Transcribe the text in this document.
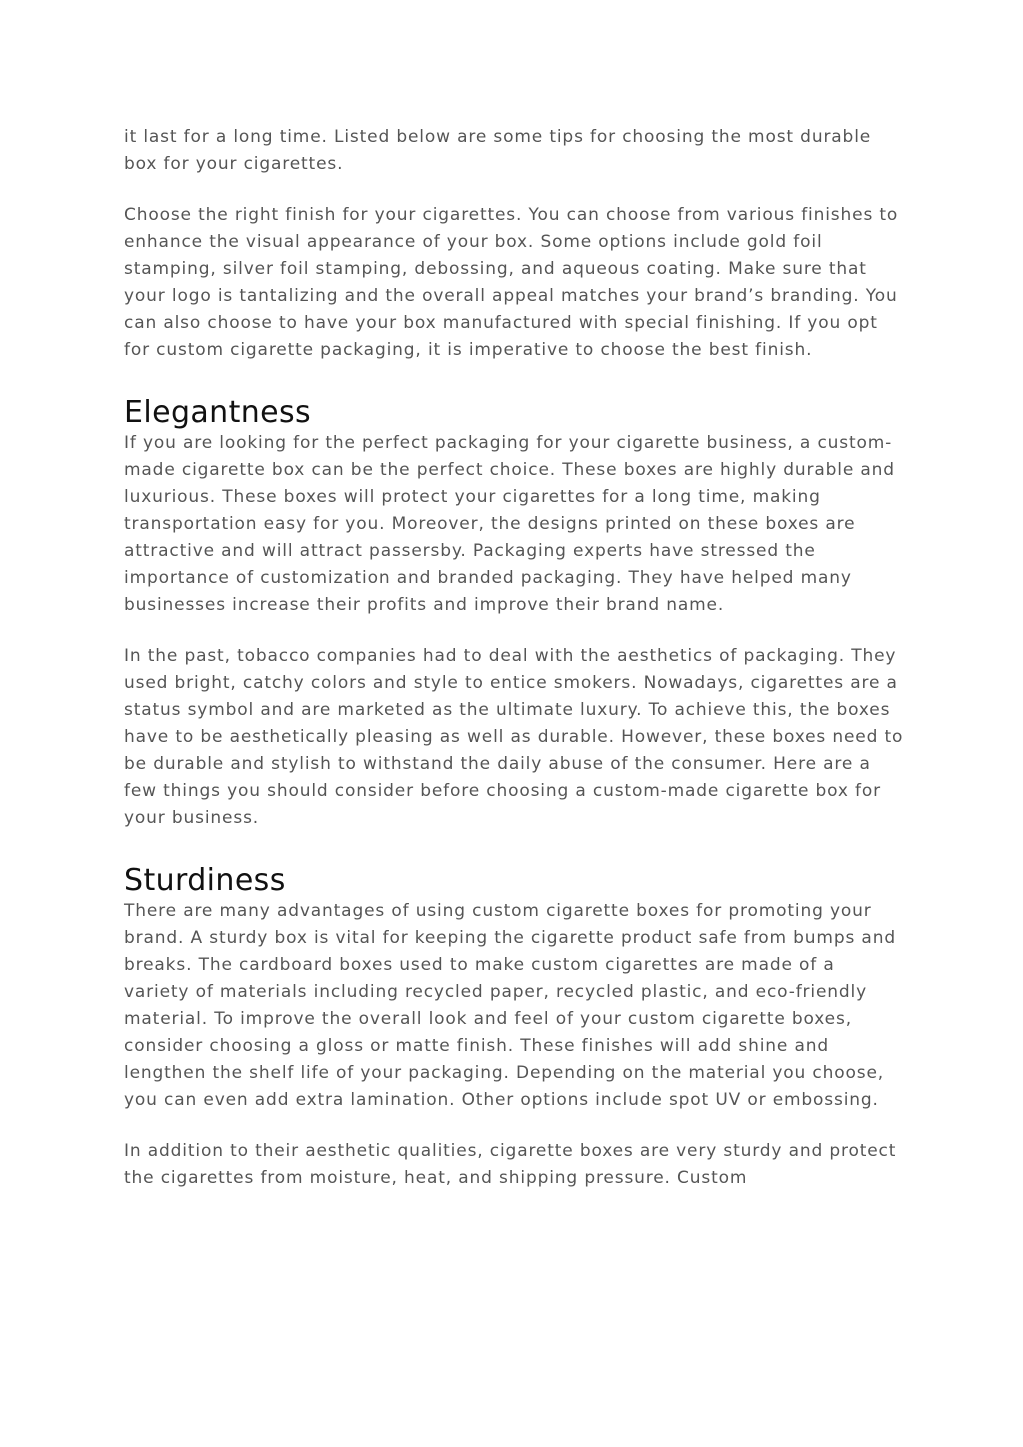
it last for a long time. Listed below are some tips for choosing the most durable box for your cigarettes.

Choose the right finish for your cigarettes. You can choose from various finishes to enhance the visual appearance of your box. Some options include gold foil stamping, silver foil stamping, debossing, and aqueous coating. Make sure that your logo is tantalizing and the overall appeal matches your brand’s branding. You can also choose to have your box manufactured with special finishing. If you opt for custom cigarette packaging, it is imperative to choose the best finish.

Elegantness

If you are looking for the perfect packaging for your cigarette business, a custom-made cigarette box can be the perfect choice. These boxes are highly durable and luxurious. These boxes will protect your cigarettes for a long time, making transportation easy for you. Moreover, the designs printed on these boxes are attractive and will attract passersby. Packaging experts have stressed the importance of customization and branded packaging. They have helped many businesses increase their profits and improve their brand name.

In the past, tobacco companies had to deal with the aesthetics of packaging. They used bright, catchy colors and style to entice smokers. Nowadays, cigarettes are a status symbol and are marketed as the ultimate luxury. To achieve this, the boxes have to be aesthetically pleasing as well as durable. However, these boxes need to be durable and stylish to withstand the daily abuse of the consumer. Here are a few things you should consider before choosing a custom-made cigarette box for your business.

Sturdiness

There are many advantages of using custom cigarette boxes for promoting your brand. A sturdy box is vital for keeping the cigarette product safe from bumps and breaks. The cardboard boxes used to make custom cigarettes are made of a variety of materials including recycled paper, recycled plastic, and eco-friendly material. To improve the overall look and feel of your custom cigarette boxes, consider choosing a gloss or matte finish. These finishes will add shine and lengthen the shelf life of your packaging. Depending on the material you choose, you can even add extra lamination. Other options include spot UV or embossing.

In addition to their aesthetic qualities, cigarette boxes are very sturdy and protect the cigarettes from moisture, heat, and shipping pressure. Custom
